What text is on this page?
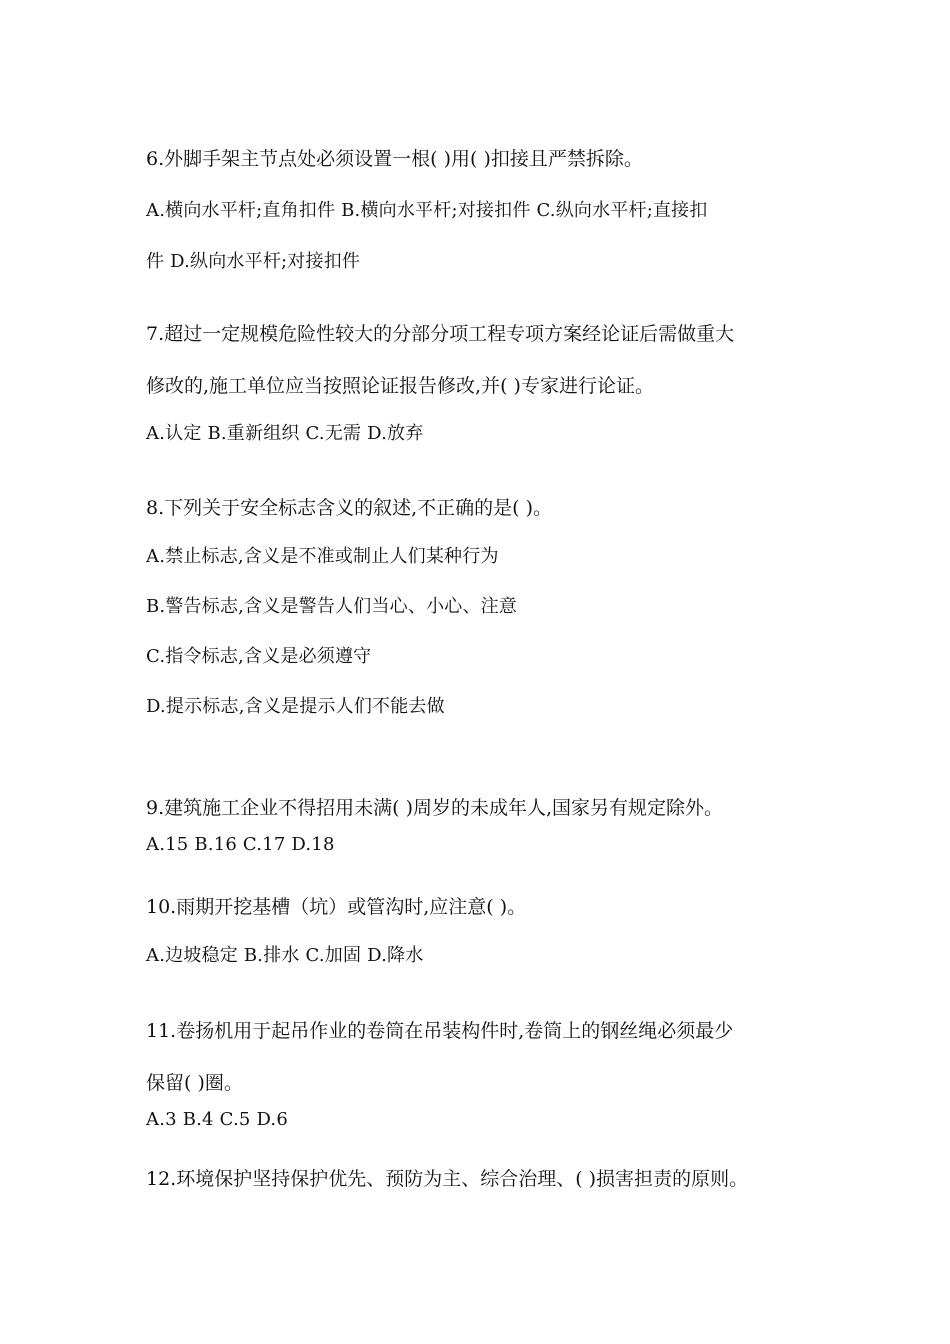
6.外脚手架主节点处必须设置一根( )用( )扣接且严禁拆除。
A.横向水平杆;直角扣件 B.横向水平杆;对接扣件 C.纵向水平杆;直接扣
件 D.纵向水平杆;对接扣件
7.超过一定规模危险性较大的分部分项工程专项方案经论证后需做重大
修改的,施工单位应当按照论证报告修改,并( )专家进行论证。
A.认定 B.重新组织 C.无需 D.放弃
8.下列关于安全标志含义的叙述,不正确的是( )。
A.禁止标志,含义是不准或制止人们某种行为
B.警告标志,含义是警告人们当心、小心、注意
C.指令标志,含义是必须遵守
D.提示标志,含义是提示人们不能去做
9.建筑施工企业不得招用未满( )周岁的未成年人,国家另有规定除外。
A.15 B.16 C.17 D.18
10.雨期开挖基槽（坑）或管沟时,应注意( )。
A.边坡稳定 B.排水 C.加固 D.降水
11.卷扬机用于起吊作业的卷筒在吊装构件时,卷筒上的钢丝绳必须最少
保留( )圈。
A.3 B.4 C.5 D.6
12.环境保护坚持保护优先、预防为主、综合治理、( )损害担责的原则。
